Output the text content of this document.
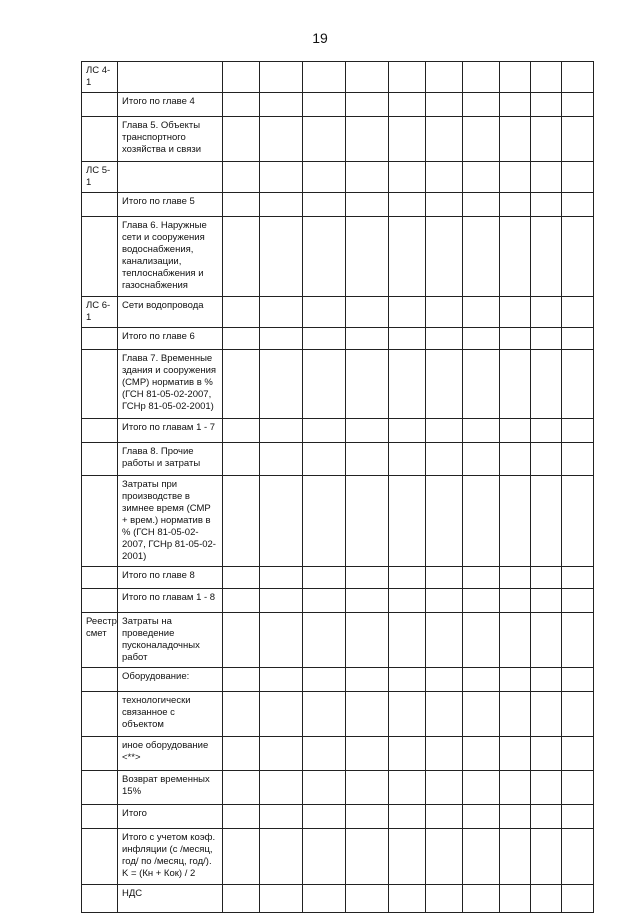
19
ЛС 4-1											
	Итого по главе 4										
	Глава 5. Объекты транспортного хозяйства и связи										
ЛС 5-1											
	Итого по главе 5										
	Глава 6. Наружные сети и сооружения водоснабжения, канализации, теплоснабжения и газоснабжения										
ЛС 6-1	Сети водопровода										
	Итого по главе 6										
	Глава 7. Временные здания и сооружения (СМР) норматив в % (ГСН 81-05-02-2007, ГСНр 81-05-02-2001)										
	Итого по главам 1 - 7										
	Глава 8. Прочие работы и затраты										
	Затраты при производстве в зимнее время (СМР + врем.) норматив в % (ГСН 81-05-02-2007, ГСНр 81-05-02-2001)										
	Итого по главе 8										
	Итого по главам 1 - 8										
Реестр смет	Затраты на проведение пусконаладочных работ										
	Оборудование:										
	технологически связанное с объектом										
	иное оборудование <**>										
	Возврат временных 15%										
	Итого										
	Итого с учетом коэф. инфляции (с /месяц, год/ по /месяц, год/). K = (Кн + Кок) / 2										
	НДС										
